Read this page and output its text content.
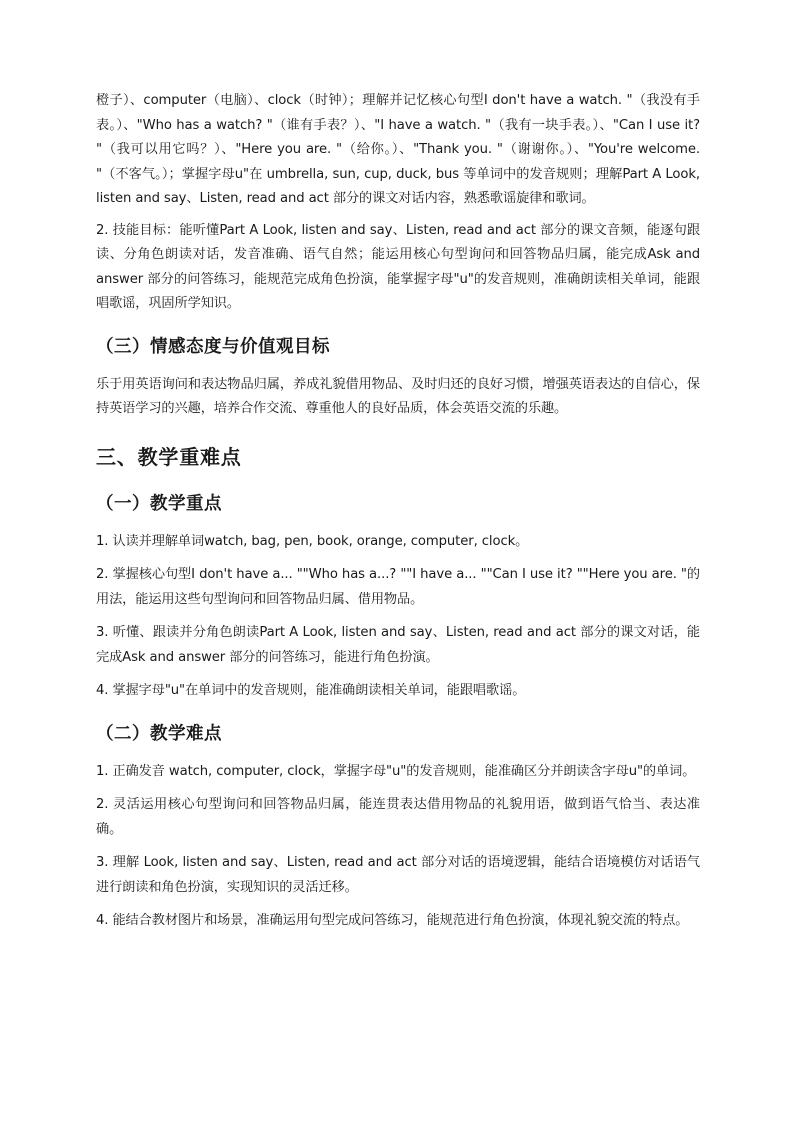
橙子）、computer（电脑）、clock（时钟）；理解并记忆核心句型I don't have a watch. "（我没有手表。）、"Who has a watch? "（谁有手表？）、"I have a watch. "（我有一块手表。）、"Can I use it? "（我可以用它吗？）、"Here you are. "（给你。）、"Thank you. "（谢谢你。）、"You're welcome. "（不客气。）；掌握字母u"在 umbrella, sun, cup, duck, bus 等单词中的发音规则；理解Part A Look, listen and say、Listen, read and act 部分的课文对话内容，熟悉歌谣旋律和歌词。

2. 技能目标：能听懂Part A Look, listen and say、Listen, read and act 部分的课文音频，能逐句跟读、分角色朗读对话，发音准确、语气自然；能运用核心句型询问和回答物品归属，能完成Ask and answer 部分的问答练习，能规范完成角色扮演，能掌握字母"u"的发音规则，准确朗读相关单词，能跟唱歌谣，巩固所学知识。

（三）情感态度与价值观目标

乐于用英语询问和表达物品归属，养成礼貌借用物品、及时归还的良好习惯，增强英语表达的自信心，保持英语学习的兴趣，培养合作交流、尊重他人的良好品质，体会英语交流的乐趣。

三、教学重难点
（一）教学重点

1. 认读并理解单词watch, bag, pen, book, orange, computer, clock。

2. 掌握核心句型I don't have a... ""Who has a...? ""I have a... ""Can I use it? ""Here you are. "的用法，能运用这些句型询问和回答物品归属、借用物品。

3. 听懂、跟读并分角色朗读Part A Look, listen and say、Listen, read and act 部分的课文对话，能完成Ask and answer 部分的问答练习，能进行角色扮演。

4. 掌握字母"u"在单词中的发音规则，能准确朗读相关单词，能跟唱歌谣。

（二）教学难点

1. 正确发音 watch, computer, clock，掌握字母"u"的发音规则，能准确区分并朗读含字母u"的单词。

2. 灵活运用核心句型询问和回答物品归属，能连贯表达借用物品的礼貌用语，做到语气恰当、表达准确。

3. 理解 Look, listen and say、Listen, read and act 部分对话的语境逻辑，能结合语境模仿对话语气进行朗读和角色扮演，实现知识的灵活迁移。

4. 能结合教材图片和场景，准确运用句型完成问答练习，能规范进行角色扮演，体现礼貌交流的特点。
